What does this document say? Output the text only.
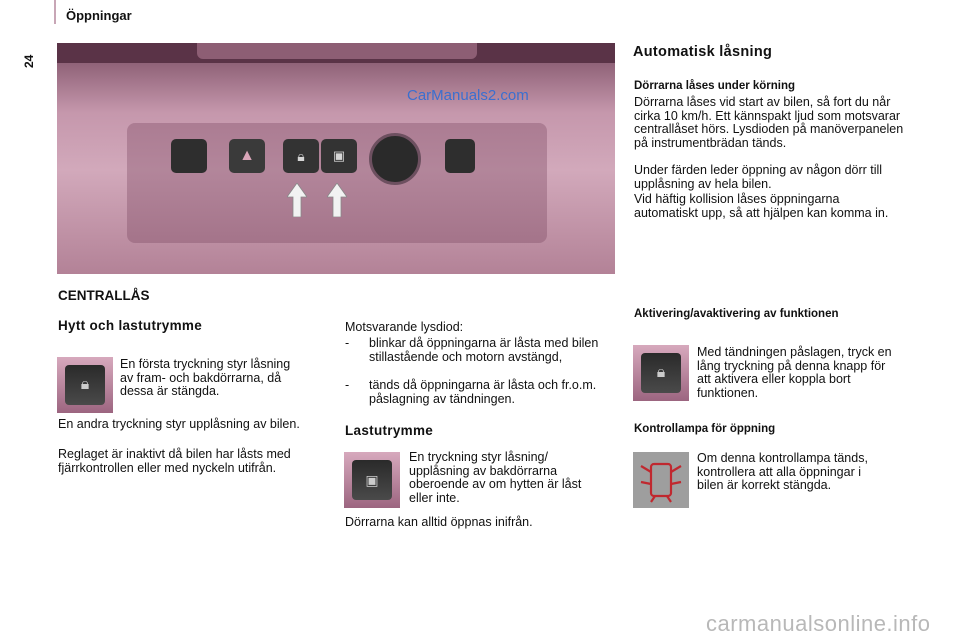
Öppningar
24
CarManuals2.com
▲	🔒︎	▣
Automatisk låsning
Dörrarna låses under körning
Dörrarna låses vid start av bilen, så fort du når cirka 10 km/h. Ett kännspakt ljud som motsvarar centrallåset hörs. Lysdioden på manöverpanelen på instrumentbrädan tänds.
Under färden leder öppning av någon dörr till upplåsning av hela bilen.
Vid häftig kollision låses öppningarna automatiskt upp, så att hjälpen kan komma in.
CENTRALLÅS
Hytt och lastutrymme
🔒︎
En första tryckning styr låsning av fram- och bakdörrarna, då dessa är stängda.
En andra tryckning styr upplåsning av bilen.
Reglaget är inaktivt då bilen har låsts med fjärrkontrollen eller med nyckeln utifrån.
Motsvarande lysdiod:
-	blinkar då öppningarna är låsta med bilen stillastående och motorn avstängd,
-	tänds då öppningarna är låsta och fr.o.m. påslagning av tändningen.
Lastutrymme
▣
En tryckning styr låsning/ upplåsning av bakdörrarna oberoende av om hytten är låst eller inte.
Dörrarna kan alltid öppnas inifrån.
Aktivering/avaktivering av funktionen
🔒︎
Med tändningen påslagen, tryck en lång tryckning på denna knapp för att aktivera eller koppla bort funktionen.
Kontrollampa för öppning
Om denna kontrollampa tänds, kontrollera att alla öppningar i bilen är korrekt stängda.
carmanualsonline.info
